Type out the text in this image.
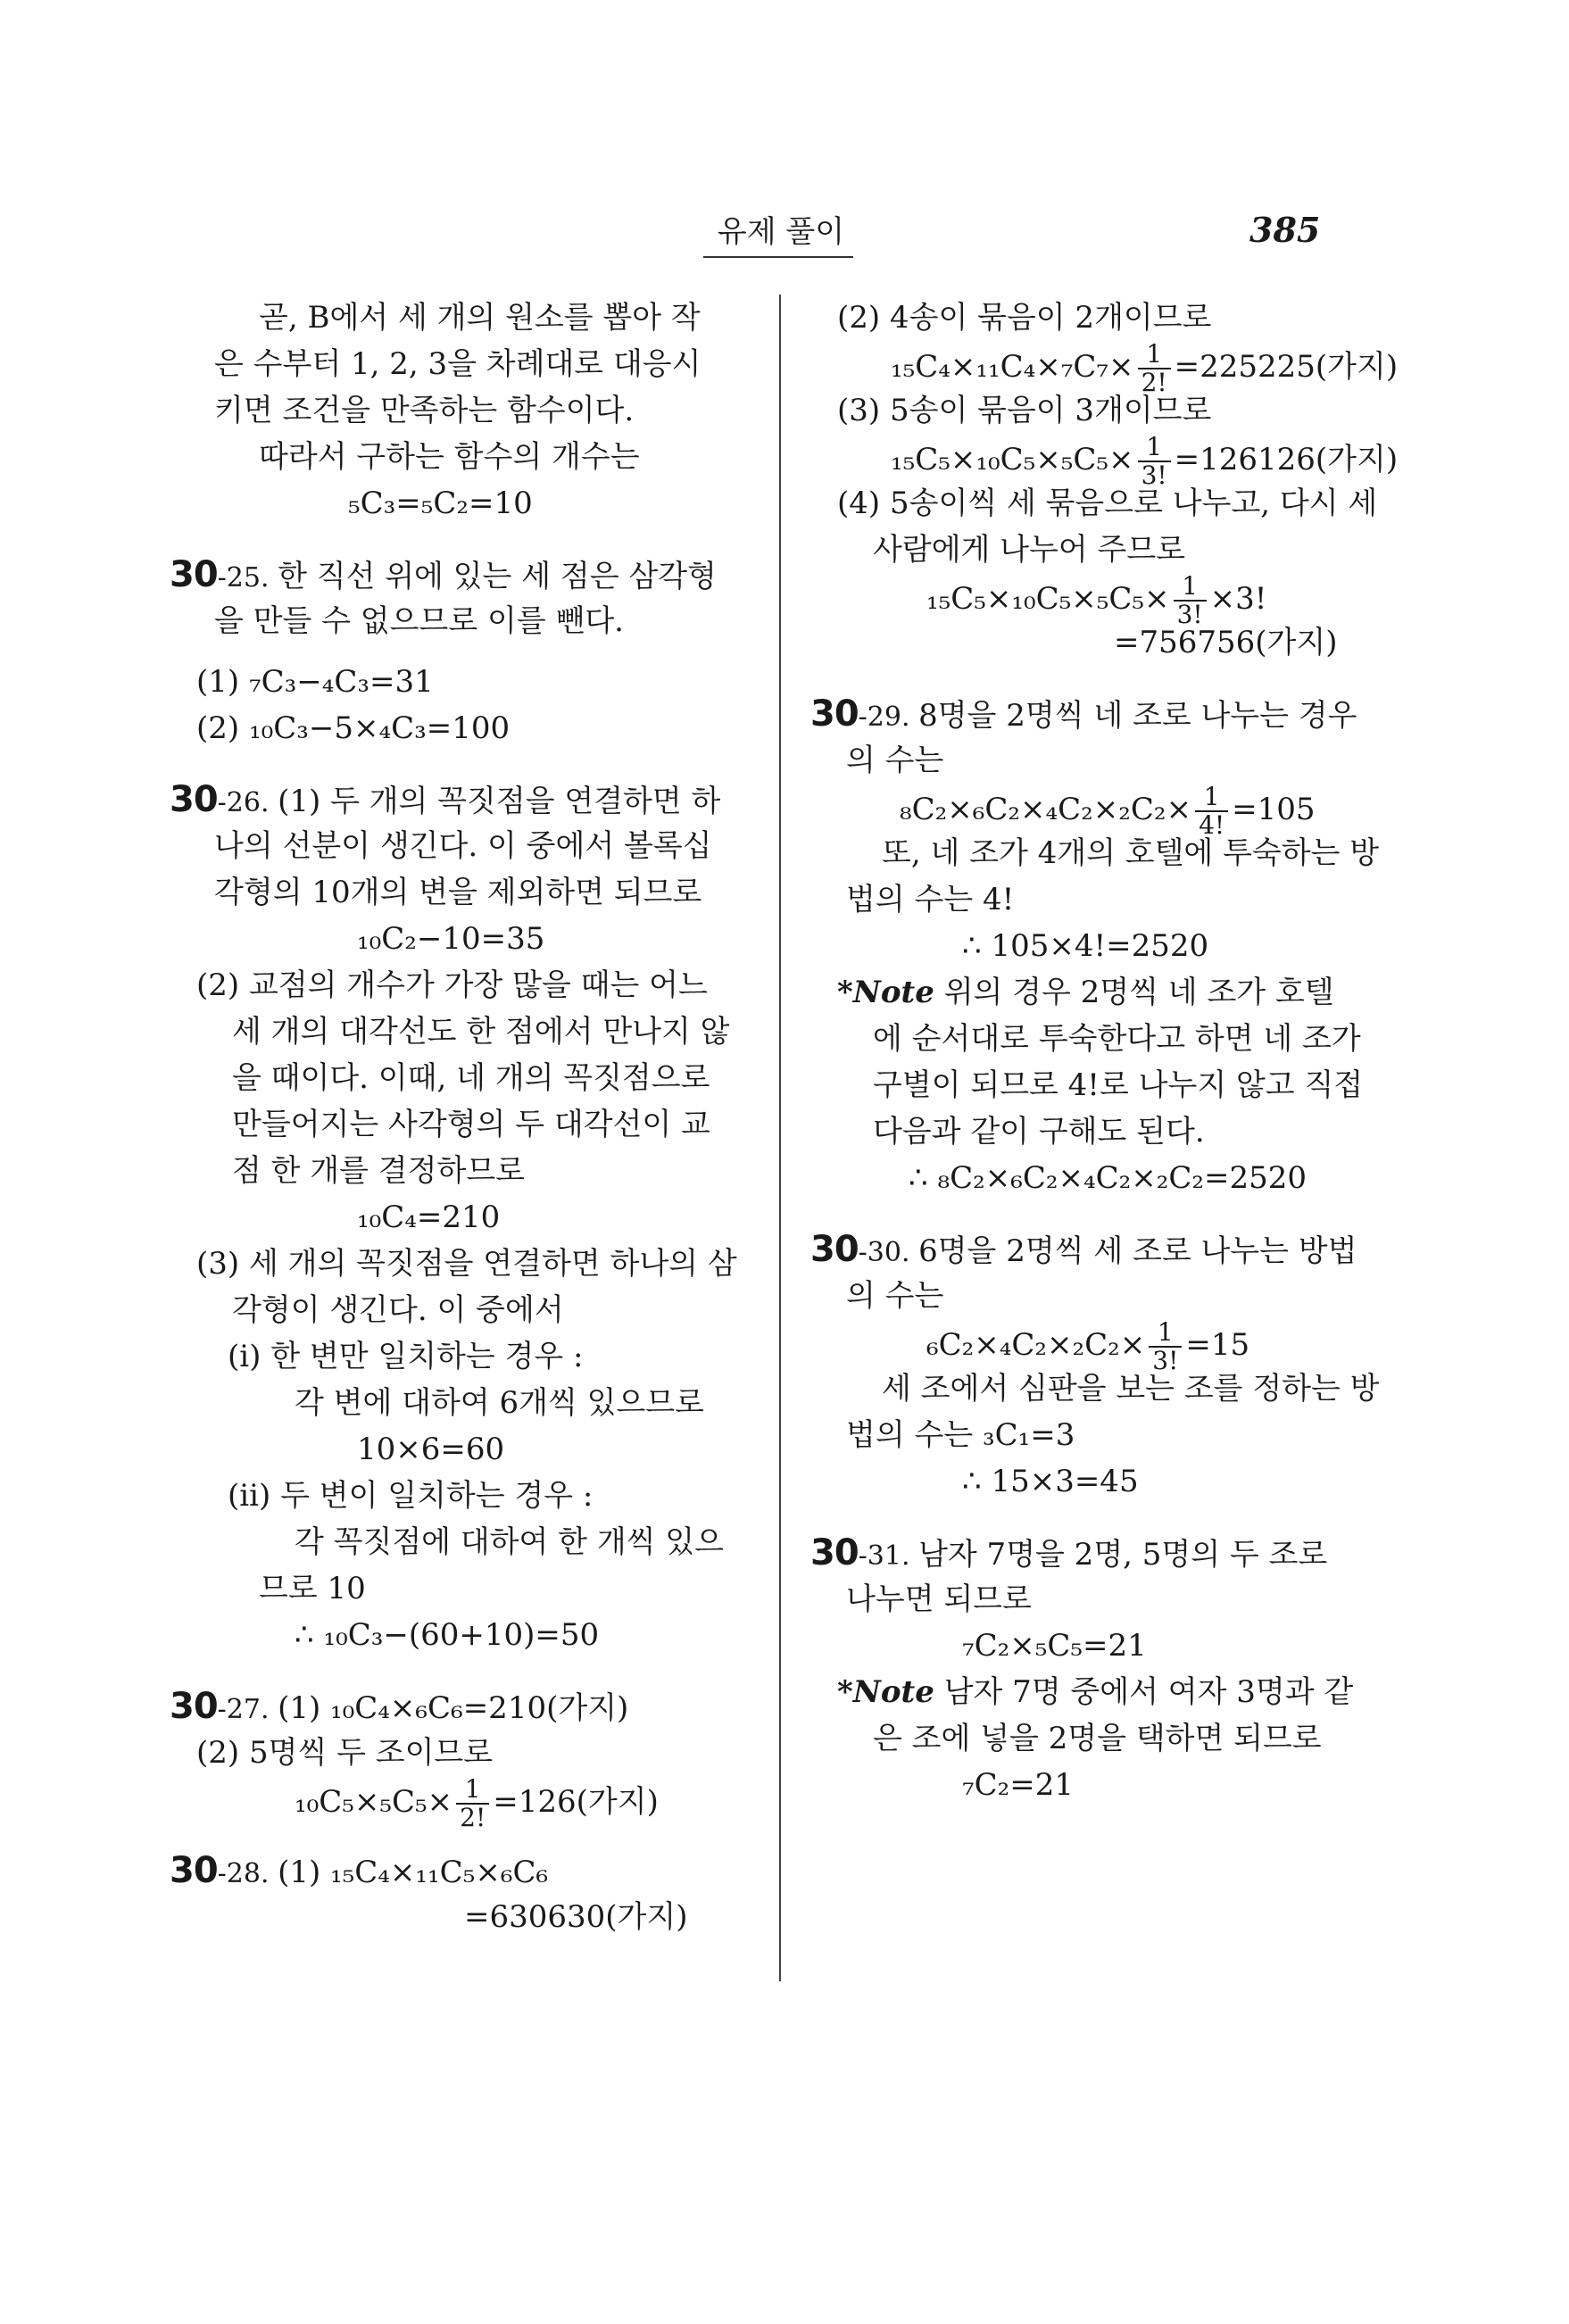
유제 풀이	385
곧, B에서 세 개의 원소를 뽑아 작
은 수부터 1, 2, 3을 차례대로 대응시
키면 조건을 만족하는 함수이다.
따라서 구하는 함수의 개수는
₅C₃=₅C₂=10
30-25. 한 직선 위에 있는 세 점은 삼각형
을 만들 수 없으므로 이를 뺀다.
(1) ₇C₃−₄C₃=31
(2) ₁₀C₃−5×₄C₃=100
30-26. (1) 두 개의 꼭짓점을 연결하면 하
나의 선분이 생긴다. 이 중에서 볼록십
각형의 10개의 변을 제외하면 되므로
₁₀C₂−10=35
(2) 교점의 개수가 가장 많을 때는 어느
세 개의 대각선도 한 점에서 만나지 않
을 때이다. 이때, 네 개의 꼭짓점으로
만들어지는 사각형의 두 대각선이 교
점 한 개를 결정하므로
₁₀C₄=210
(3) 세 개의 꼭짓점을 연결하면 하나의 삼
각형이 생긴다. 이 중에서
(i) 한 변만 일치하는 경우 :
각 변에 대하여 6개씩 있으므로
10×6=60
(ii) 두 변이 일치하는 경우 :
각 꼭짓점에 대하여 한 개씩 있으
므로 10
∴ ₁₀C₃−(60+10)=50
30-27. (1) ₁₀C₄×₆C₆=210(가지)
(2) 5명씩 두 조이므로
$_{10}C_5\times_5C_5\times \frac{1}{2!} =126$(가지)
30-28. (1) ₁₅C₄×₁₁C₅×₆C₆
=630630(가지)
(2) 4송이 묶음이 2개이므로
$_{15}C_4\times_{11}C_4\times_7C_7\times \frac{1}{2!} =225225$(가지)
(3) 5송이 묶음이 3개이므로
$_{15}C_5\times_{10}C_5\times_5C_5\times \frac{1}{3!} =126126$(가지)
(4) 5송이씩 세 묶음으로 나누고, 다시 세
사람에게 나누어 주므로
$_{15}C_5\times_{10}C_5\times_5C_5\times \frac{1}{3!} \times 3$!
=756756(가지)
30-29. 8명을 2명씩 네 조로 나누는 경우
의 수는
$_8C_2\times_6C_2\times_4C_2\times_2C_2\times \frac{1}{4!} =105$
또, 네 조가 4개의 호텔에 투숙하는 방
법의 수는 4!
∴ 105×4!=2520
*Note 위의 경우 2명씩 네 조가 호텔
에 순서대로 투숙한다고 하면 네 조가
구별이 되므로 4!로 나누지 않고 직접
다음과 같이 구해도 된다.
∴ ₈C₂×₆C₂×₄C₂×₂C₂=2520
30-30. 6명을 2명씩 세 조로 나누는 방법
의 수는
$_6C_2\times_4C_2\times_2C_2\times \frac{1}{3!} =15$
세 조에서 심판을 보는 조를 정하는 방
법의 수는 ₃C₁=3
∴ 15×3=45
30-31. 남자 7명을 2명, 5명의 두 조로
나누면 되므로
₇C₂×₅C₅=21
*Note 남자 7명 중에서 여자 3명과 같
은 조에 넣을 2명을 택하면 되므로
₇C₂=21
